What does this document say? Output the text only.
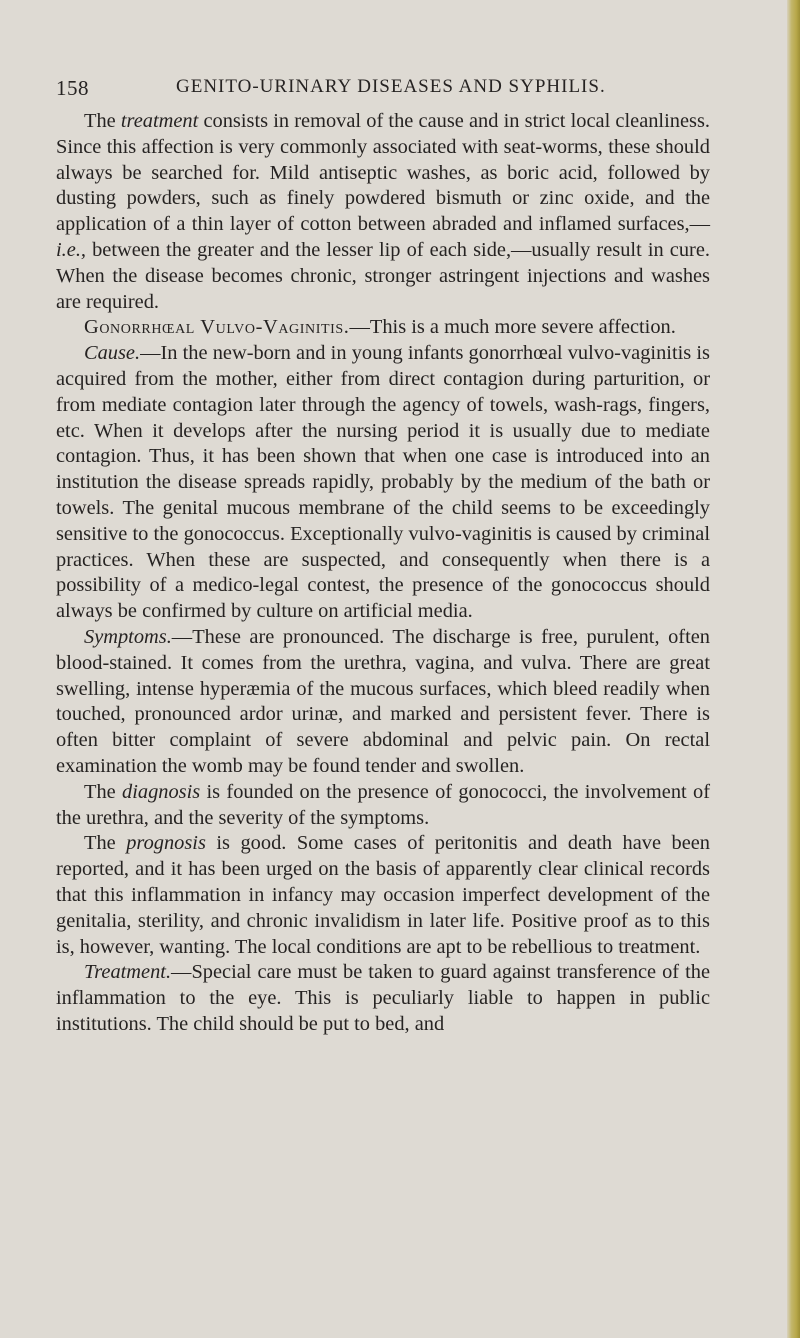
158	GENITO-URINARY DISEASES AND SYPHILIS.

The treatment consists in removal of the cause and in strict local cleanliness. Since this affection is very commonly associated with seat-worms, these should always be searched for. Mild antiseptic washes, as boric acid, followed by dusting powders, such as finely powdered bismuth or zinc oxide, and the application of a thin layer of cotton between abraded and inflamed surfaces,—i.e., between the greater and the lesser lip of each side,—usually result in cure. When the disease becomes chronic, stronger astringent injections and washes are required.

Gonorrhœal Vulvo-Vaginitis.—This is a much more severe affection.

Cause.—In the new-born and in young infants gonorrhœal vulvo-vaginitis is acquired from the mother, either from direct contagion during parturition, or from mediate contagion later through the agency of towels, wash-rags, fingers, etc. When it develops after the nursing period it is usually due to mediate contagion. Thus, it has been shown that when one case is introduced into an institution the disease spreads rapidly, probably by the medium of the bath or towels. The genital mucous membrane of the child seems to be exceedingly sensitive to the gonococcus. Exceptionally vulvo-vaginitis is caused by criminal practices. When these are suspected, and consequently when there is a possibility of a medico-legal contest, the presence of the gonococcus should always be confirmed by culture on artificial media.

Symptoms.—These are pronounced. The discharge is free, purulent, often blood-stained. It comes from the urethra, vagina, and vulva. There are great swelling, intense hyperæmia of the mucous surfaces, which bleed readily when touched, pronounced ardor urinæ, and marked and persistent fever. There is often bitter complaint of severe abdominal and pelvic pain. On rectal examination the womb may be found tender and swollen.

The diagnosis is founded on the presence of gonococci, the involvement of the urethra, and the severity of the symptoms.

The prognosis is good. Some cases of peritonitis and death have been reported, and it has been urged on the basis of apparently clear clinical records that this inflammation in infancy may occasion imperfect development of the genitalia, sterility, and chronic invalidism in later life. Positive proof as to this is, however, wanting. The local conditions are apt to be rebellious to treatment.

Treatment.—Special care must be taken to guard against transference of the inflammation to the eye. This is peculiarly liable to happen in public institutions. The child should be put to bed, and
